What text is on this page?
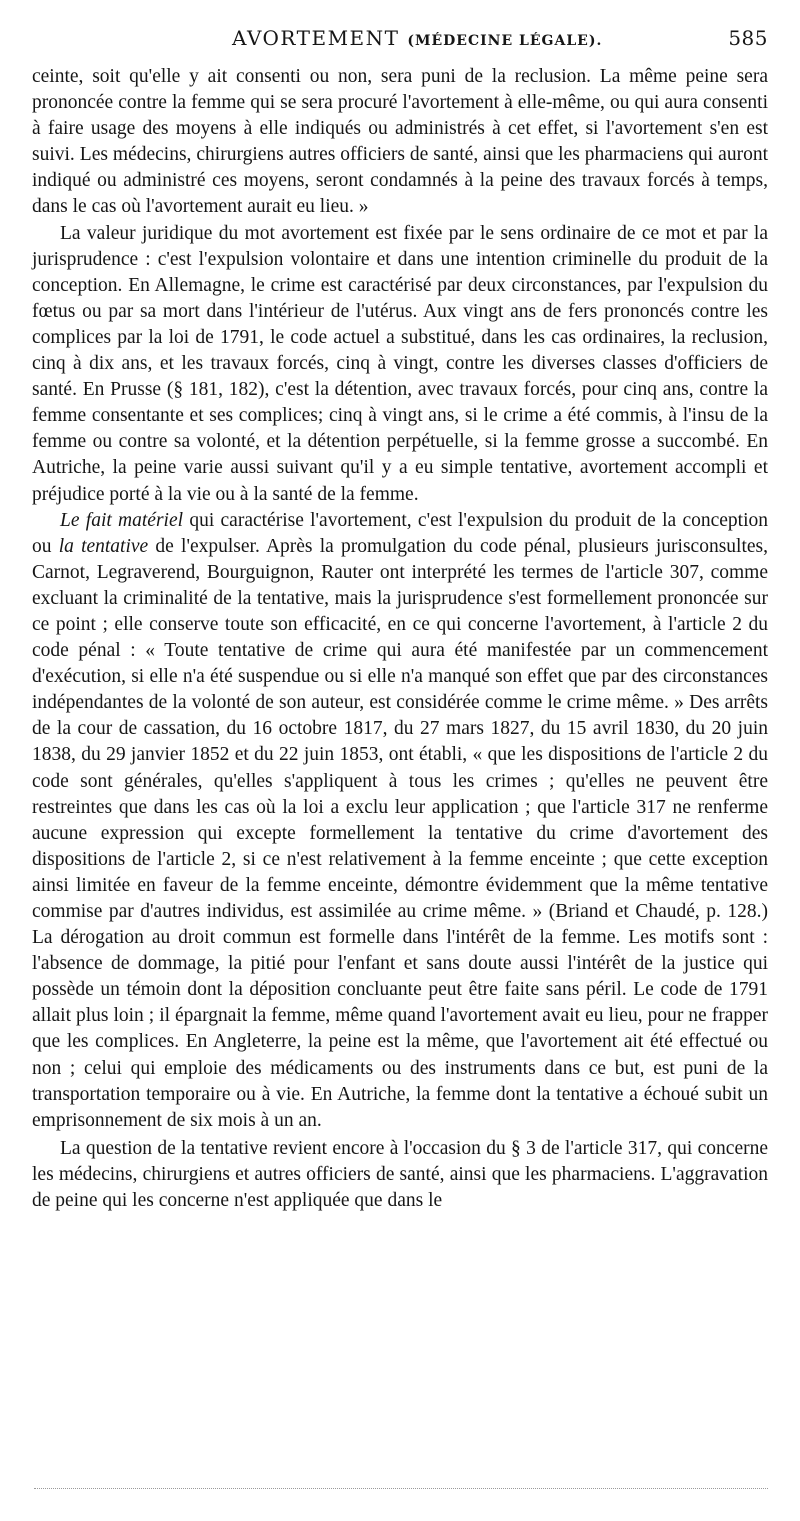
AVORTEMENT (MÉDECINE LÉGALE).	585

ceinte, soit qu'elle y ait consenti ou non, sera puni de la reclusion. La même peine sera prononcée contre la femme qui se sera procuré l'avortement à elle-même, ou qui aura consenti à faire usage des moyens à elle indiqués ou administrés à cet effet, si l'avortement s'en est suivi. Les médecins, chirurgiens autres officiers de santé, ainsi que les pharmaciens qui auront indiqué ou administré ces moyens, seront condamnés à la peine des travaux forcés à temps, dans le cas où l'avortement aurait eu lieu. »

La valeur juridique du mot avortement est fixée par le sens ordinaire de ce mot et par la jurisprudence : c'est l'expulsion volontaire et dans une intention criminelle du produit de la conception. En Allemagne, le crime est caractérisé par deux circonstances, par l'expulsion du fœtus ou par sa mort dans l'intérieur de l'utérus. Aux vingt ans de fers prononcés contre les complices par la loi de 1791, le code actuel a substitué, dans les cas ordinaires, la reclusion, cinq à dix ans, et les travaux forcés, cinq à vingt, contre les diverses classes d'officiers de santé. En Prusse (§ 181, 182), c'est la détention, avec travaux forcés, pour cinq ans, contre la femme consentante et ses complices; cinq à vingt ans, si le crime a été commis, à l'insu de la femme ou contre sa volonté, et la détention perpétuelle, si la femme grosse a succombé. En Autriche, la peine varie aussi suivant qu'il y a eu simple tentative, avortement accompli et préjudice porté à la vie ou à la santé de la femme.

Le fait matériel qui caractérise l'avortement, c'est l'expulsion du produit de la conception ou la tentative de l'expulser. Après la promulgation du code pénal, plusieurs jurisconsultes, Carnot, Legraverend, Bourguignon, Rauter ont interprété les termes de l'article 307, comme excluant la criminalité de la tentative, mais la jurisprudence s'est formellement prononcée sur ce point ; elle conserve toute son efficacité, en ce qui concerne l'avortement, à l'article 2 du code pénal : « Toute tentative de crime qui aura été manifestée par un commencement d'exécution, si elle n'a été suspendue ou si elle n'a manqué son effet que par des circonstances indépendantes de la volonté de son auteur, est considérée comme le crime même. » Des arrêts de la cour de cassation, du 16 octobre 1817, du 27 mars 1827, du 15 avril 1830, du 20 juin 1838, du 29 janvier 1852 et du 22 juin 1853, ont établi, « que les dispositions de l'article 2 du code sont générales, qu'elles s'appliquent à tous les crimes ; qu'elles ne peuvent être restreintes que dans les cas où la loi a exclu leur application ; que l'article 317 ne renferme aucune expression qui excepte formellement la tentative du crime d'avortement des dispositions de l'article 2, si ce n'est relativement à la femme enceinte ; que cette exception ainsi limitée en faveur de la femme enceinte, démontre évidemment que la même tentative commise par d'autres individus, est assimilée au crime même. » (Briand et Chaudé, p. 128.) La dérogation au droit commun est formelle dans l'intérêt de la femme. Les motifs sont : l'absence de dommage, la pitié pour l'enfant et sans doute aussi l'intérêt de la justice qui possède un témoin dont la déposition concluante peut être faite sans péril. Le code de 1791 allait plus loin ; il épargnait la femme, même quand l'avortement avait eu lieu, pour ne frapper que les complices. En Angleterre, la peine est la même, que l'avortement ait été effectué ou non ; celui qui emploie des médicaments ou des instruments dans ce but, est puni de la transportation temporaire ou à vie. En Autriche, la femme dont la tentative a échoué subit un emprisonnement de six mois à un an.

La question de la tentative revient encore à l'occasion du § 3 de l'article 317, qui concerne les médecins, chirurgiens et autres officiers de santé, ainsi que les pharmaciens. L'aggravation de peine qui les concerne n'est appliquée que dans le
